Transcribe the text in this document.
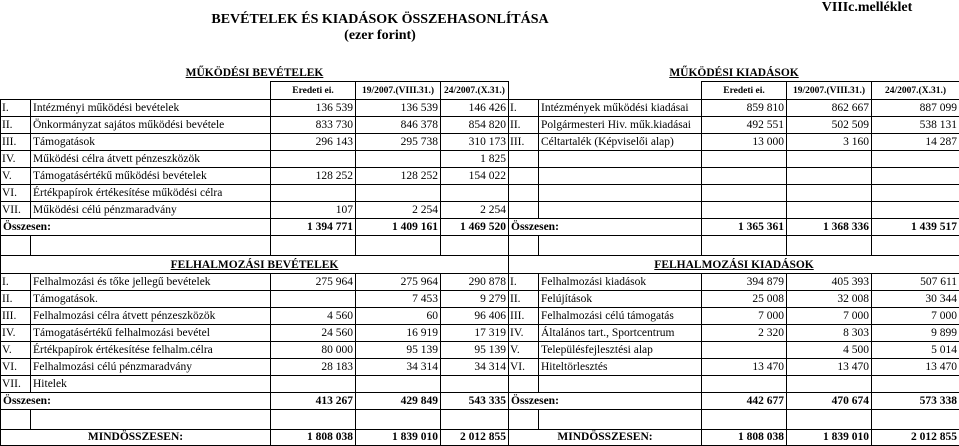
BEVÉTELEK ÉS KIADÁSOK ÖSSZEHASONLÍTÁSA
(ezer forint)
VIIIc.melléklet
MŰKÖDÉSI BEVÉTELEK					MŰKÖDÉSI KIADÁSOK				
		Eredeti ei.	19/2007.(VIII.31.)	24/2007.(X.31.)			Eredeti ei.	19/2007.(VIII.31.)	24/2007.(X.31.)
I.	Intézményi működési bevételek	136 539	136 539	146 426	I.	Intézmények működési kiadásai	859 810	862 667	887 099
II.	Önkormányzat sajátos működési bevétele	833 730	846 378	854 820	II.	Polgármesteri Hiv. műk.kiadásai	492 551	502 509	538 131
III.	Támogatások	296 143	295 738	310 173	III.	Céltartalék (Képviselői alap)	13 000	3 160	14 287
IV.	Működési célra átvett pénzeszközök			1 825					
V.	Támogatásértékű működési bevételek	128 252	128 252	154 022					
VI.	Értékpapírok értékesítése működési célra								
VII.	Működési célú pénzmaradvány	107	2 254	2 254					
Összesen:		1 394 771	1 409 161	1 469 520	Összesen:		1 365 361	1 368 336	1 439 517

FELHALMOZÁSI BEVÉTELEK					FELHALMOZÁSI KIADÁSOK				
I.	Felhalmozási és tőke jellegű bevételek	275 964	275 964	290 878	I.	Felhalmozási kiadások	394 879	405 393	507 611
II.	Támogatások.		7 453	9 279	II.	Felújítások	25 008	32 008	30 344
III.	Felhalmozási célra átvett pénzeszközök	4 560	60	96 406	III.	Felhalmozási célú támogatás	7 000	7 000	7 000
IV.	Támogatásértékű felhalmozási bevétel	24 560	16 919	17 319	IV.	Általános tart., Sportcentrum	2 320	8 303	9 899
V.	Értékpapírok értékesítése felhalm.célra	80 000	95 139	95 139	V.	Településfejlesztési alap		4 500	5 014
VI.	Felhalmozási célú pénzmaradvány	28 183	34 314	34 314	VI.	Hiteltörlesztés	13 470	13 470	13 470
VII.	Hitelek								
Összesen:		413 267	429 849	543 335	Összesen:		442 677	470 674	573 338

MINDÖSSZESEN:		1 808 038	1 839 010	2 012 855	MINDÖSSZESEN:		1 808 038	1 839 010	2 012 855
